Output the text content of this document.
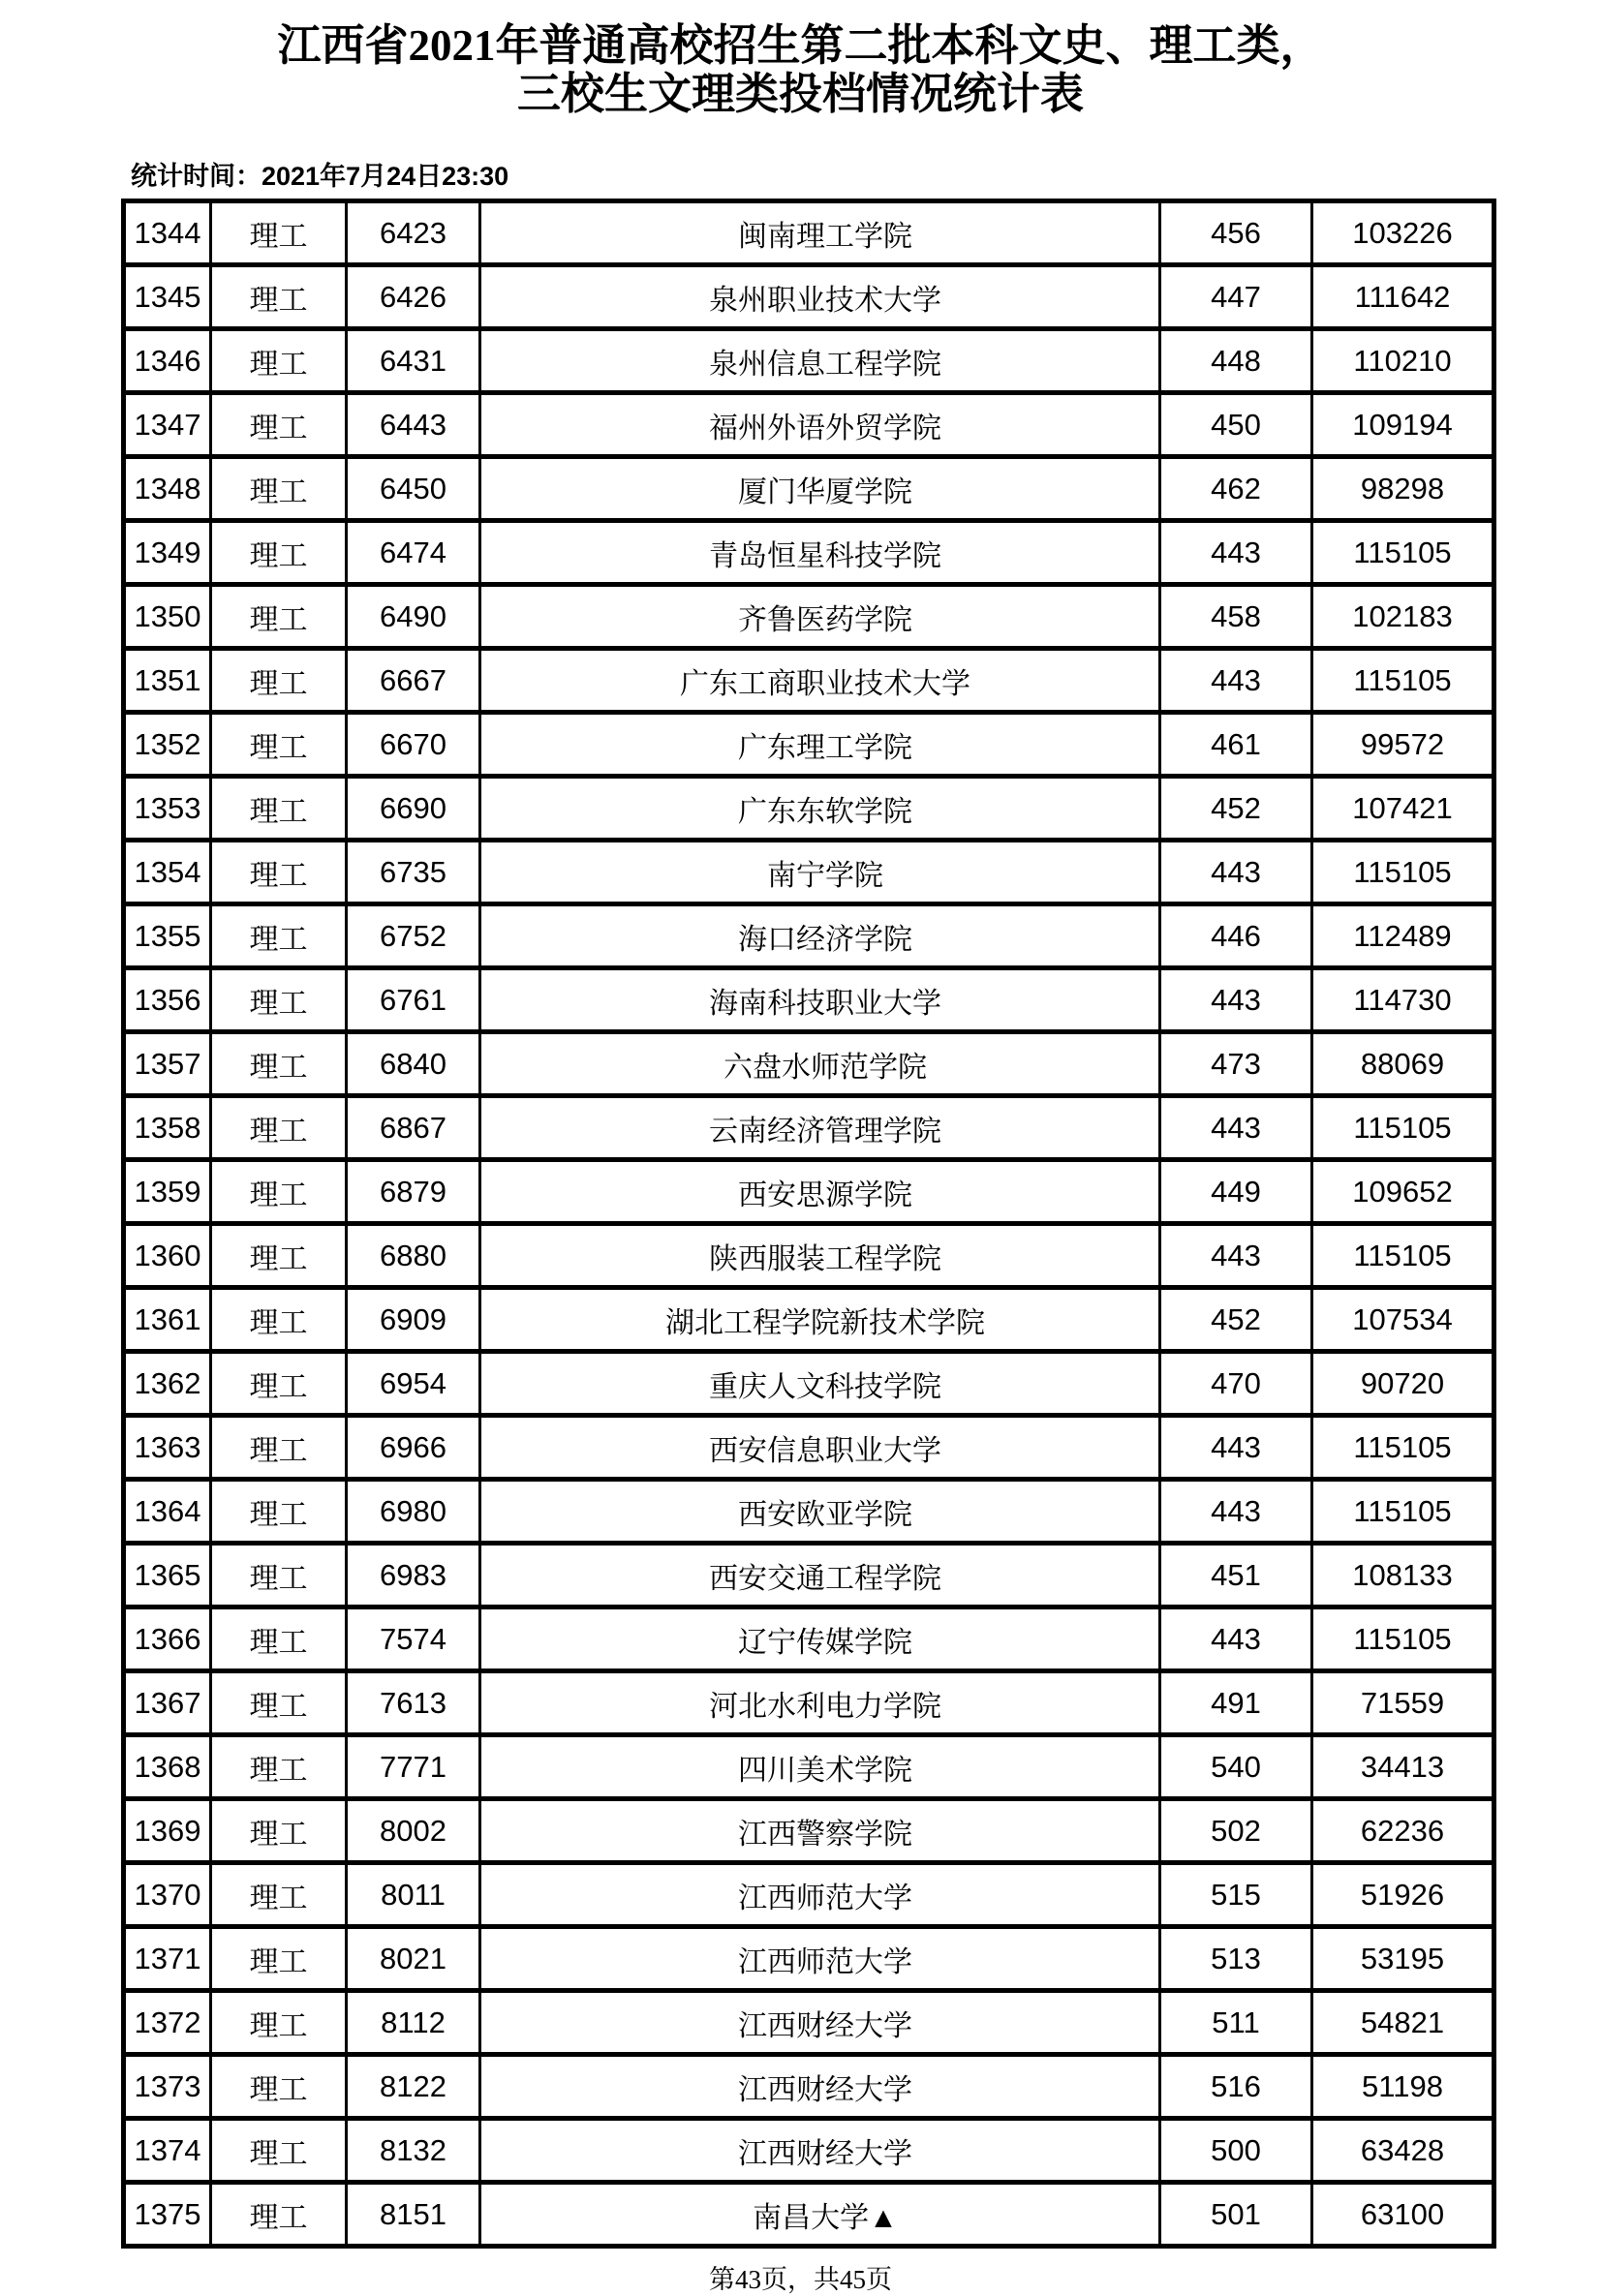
江西省2021年普通高校招生第二批本科文史、理工类，
三校生文理类投档情况统计表
统计时间：2021年7月24日23:30
1344	理工	6423	闽南理工学院	456	103226
1345	理工	6426	泉州职业技术大学	447	111642
1346	理工	6431	泉州信息工程学院	448	110210
1347	理工	6443	福州外语外贸学院	450	109194
1348	理工	6450	厦门华厦学院	462	98298
1349	理工	6474	青岛恒星科技学院	443	115105
1350	理工	6490	齐鲁医药学院	458	102183
1351	理工	6667	广东工商职业技术大学	443	115105
1352	理工	6670	广东理工学院	461	99572
1353	理工	6690	广东东软学院	452	107421
1354	理工	6735	南宁学院	443	115105
1355	理工	6752	海口经济学院	446	112489
1356	理工	6761	海南科技职业大学	443	114730
1357	理工	6840	六盘水师范学院	473	88069
1358	理工	6867	云南经济管理学院	443	115105
1359	理工	6879	西安思源学院	449	109652
1360	理工	6880	陕西服装工程学院	443	115105
1361	理工	6909	湖北工程学院新技术学院	452	107534
1362	理工	6954	重庆人文科技学院	470	90720
1363	理工	6966	西安信息职业大学	443	115105
1364	理工	6980	西安欧亚学院	443	115105
1365	理工	6983	西安交通工程学院	451	108133
1366	理工	7574	辽宁传媒学院	443	115105
1367	理工	7613	河北水利电力学院	491	71559
1368	理工	7771	四川美术学院	540	34413
1369	理工	8002	江西警察学院	502	62236
1370	理工	8011	江西师范大学	515	51926
1371	理工	8021	江西师范大学	513	53195
1372	理工	8112	江西财经大学	511	54821
1373	理工	8122	江西财经大学	516	51198
1374	理工	8132	江西财经大学	500	63428
1375	理工	8151	南昌大学▲	501	63100
第43页，共45页
